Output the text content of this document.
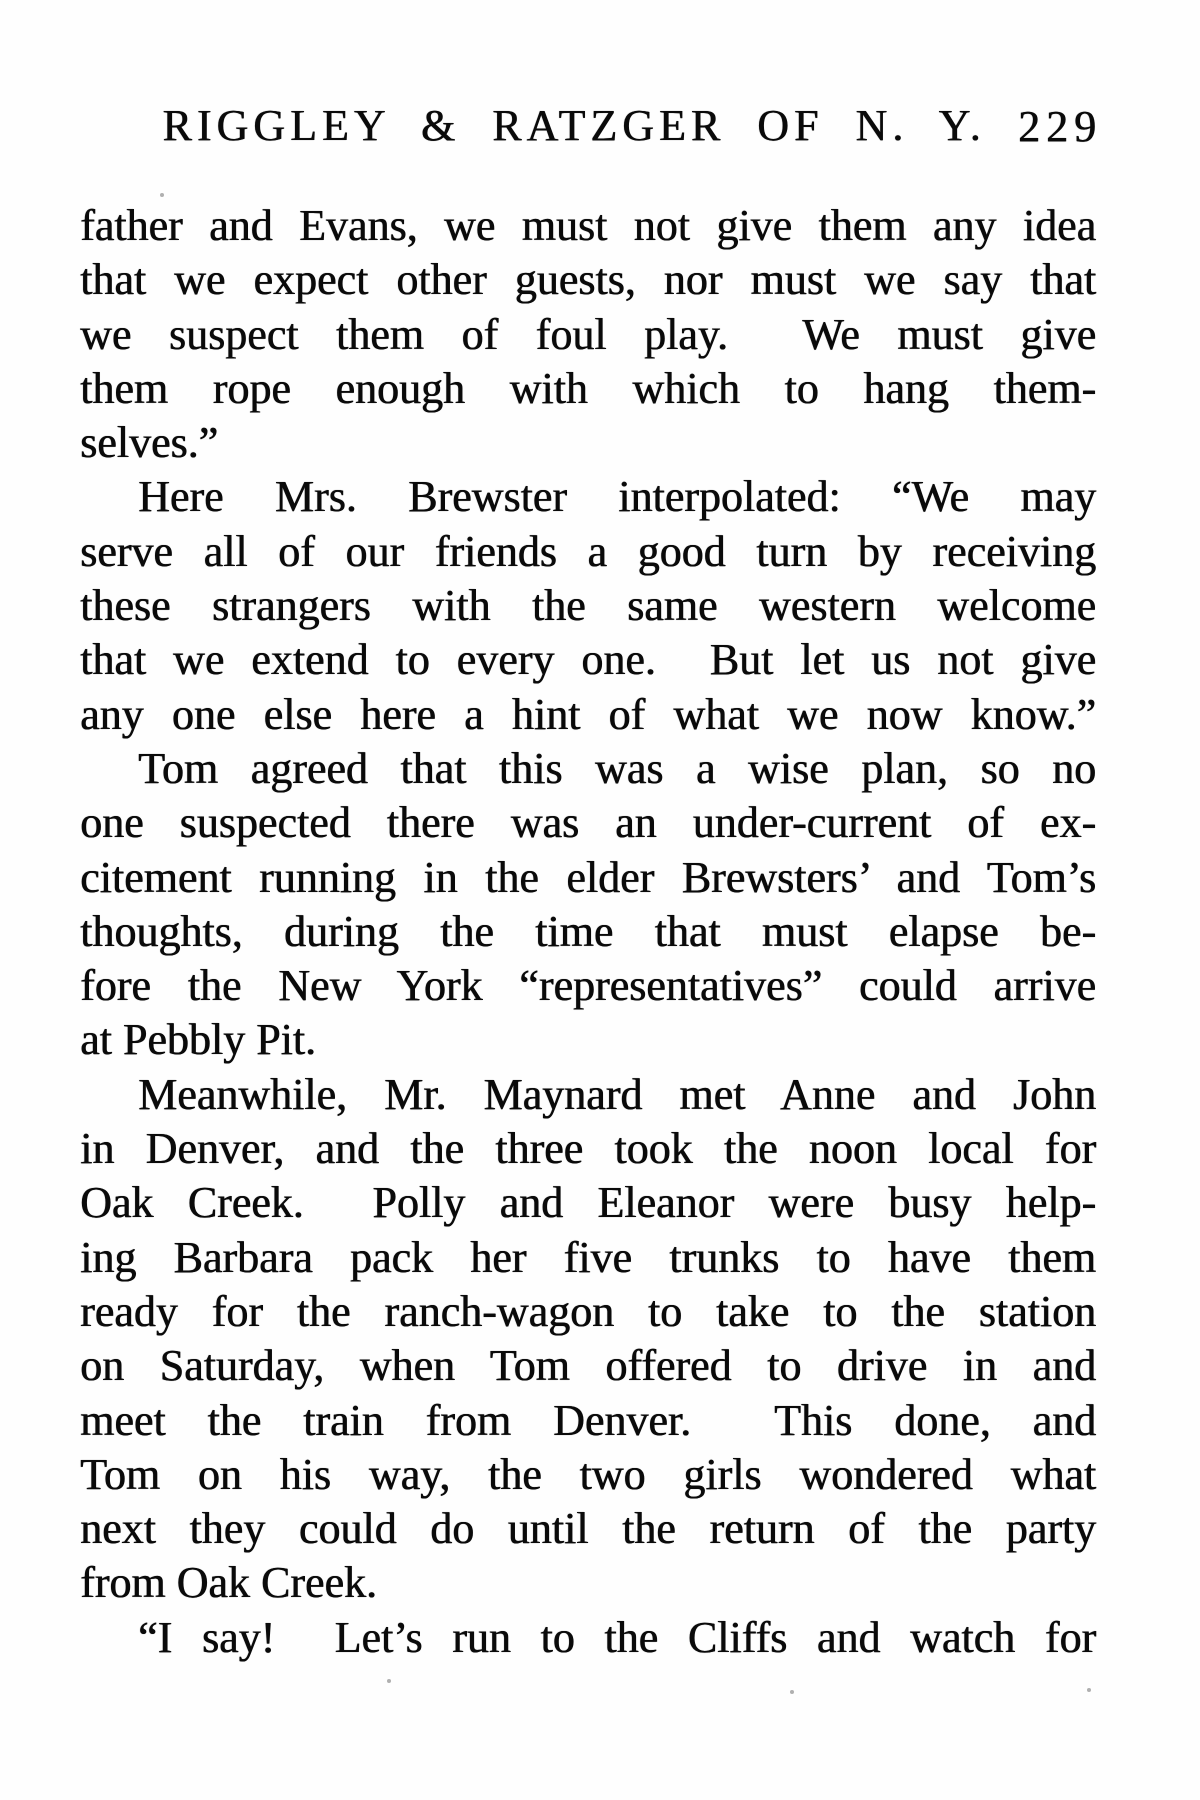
RIGGLEY & RATZGER OF N. Y. 229
father and Evans, we must not give them any idea
that we expect other guests, nor must we say that
we suspect them of foul play.  We must give
them rope enough with which to hang them-
selves.”
Here Mrs. Brewster interpolated: “We may
serve all of our friends a good turn by receiving
these strangers with the same western welcome
that we extend to every one.  But let us not give
any one else here a hint of what we now know.”
Tom agreed that this was a wise plan, so no
one suspected there was an under-current of ex-
citement running in the elder Brewsters’ and Tom’s
thoughts, during the time that must elapse be-
fore the New York “representatives” could arrive
at Pebbly Pit.
Meanwhile, Mr. Maynard met Anne and John
in Denver, and the three took the noon local for
Oak Creek.  Polly and Eleanor were busy help-
ing Barbara pack her five trunks to have them
ready for the ranch-wagon to take to the station
on Saturday, when Tom offered to drive in and
meet the train from Denver.  This done, and
Tom on his way, the two girls wondered what
next they could do until the return of the party
from Oak Creek.
“I say!  Let’s run to the Cliffs and watch for
